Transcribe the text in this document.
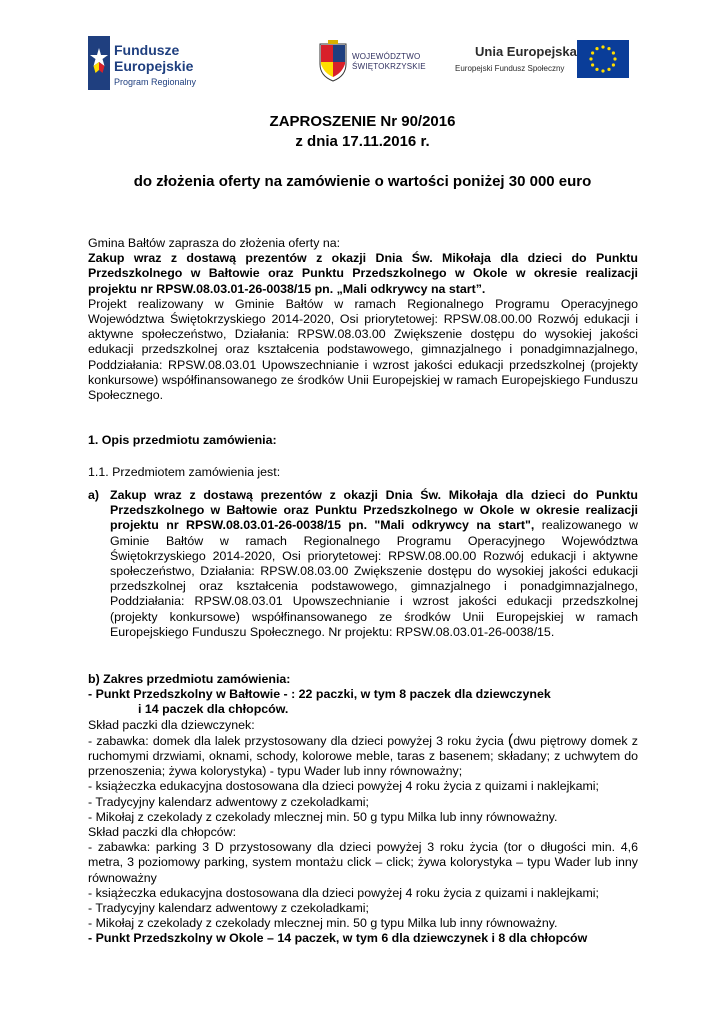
Fundusze
Europejskie
Program Regionalny
WOJEWÓDZTWO
ŚWIĘTOKRZYSKIE
Unia Europejska
Europejski Fundusz Społeczny
ZAPROSZENIE Nr 90/2016
z dnia 17.11.2016 r.
do złożenia oferty na zamówienie o wartości poniżej 30 000 euro

Gmina Bałtów zaprasza do złożenia oferty na:

Zakup wraz z dostawą prezentów z okazji Dnia Św. Mikołaja dla dzieci do Punktu Przedszkolnego w Bałtowie oraz Punktu Przedszkolnego w Okole w okresie realizacji projektu nr RPSW.08.03.01-26-0038/15 pn. „Mali odkrywcy na start”.

Projekt realizowany w Gminie Bałtów w ramach Regionalnego Programu Operacyjnego Województwa Świętokrzyskiego 2014-2020, Osi priorytetowej: RPSW.08.00.00 Rozwój edukacji i aktywne społeczeństwo, Działania: RPSW.08.03.00 Zwiększenie dostępu do wysokiej jakości edukacji przedszkolnej oraz kształcenia podstawowego, gimnazjalnego i ponadgimnazjalnego, Poddziałania: RPSW.08.03.01 Upowszechnianie i wzrost jakości edukacji przedszkolnej (projekty konkursowe) współfinansowanego ze środków Unii Europejskiej w ramach Europejskiego Funduszu Społecznego.

1. Opis przedmiotu zamówienia:
1.1. Przedmiotem zamówienia jest:
a) Zakup wraz z dostawą prezentów z okazji Dnia Św. Mikołaja dla dzieci do Punktu Przedszkolnego w Bałtowie oraz Punktu Przedszkolnego w Okole w okresie realizacji projektu nr RPSW.08.03.01-26-0038/15 pn. "Mali odkrywcy na start", realizowanego w Gminie Bałtów w ramach Regionalnego Programu Operacyjnego Województwa Świętokrzyskiego 2014-2020, Osi priorytetowej: RPSW.08.00.00 Rozwój edukacji i aktywne społeczeństwo, Działania: RPSW.08.03.00 Zwiększenie dostępu do wysokiej jakości edukacji przedszkolnej oraz kształcenia podstawowego, gimnazjalnego i ponadgimnazjalnego, Poddziałania: RPSW.08.03.01 Upowszechnianie i wzrost jakości edukacji przedszkolnej (projekty konkursowe) współfinansowanego ze środków Unii Europejskiej w ramach Europejskiego Funduszu Społecznego. Nr projektu: RPSW.08.03.01-26-0038/15.
b) Zakres przedmiotu zamówienia:
- Punkt Przedszkolny w Bałtowie - : 22 paczki, w tym 8 paczek dla dziewczynek
i 14 paczek dla chłopców.
Skład paczki dla dziewczynek:
- zabawka: domek dla lalek przystosowany dla dzieci powyżej 3 roku życia (dwu piętrowy domek z ruchomymi drzwiami, oknami, schody, kolorowe meble, taras z basenem; składany; z uchwytem do przenoszenia; żywa kolorystyka) - typu Wader lub inny równoważny;
- książeczka edukacyjna dostosowana dla dzieci powyżej 4 roku życia z quizami i naklejkami;
- Tradycyjny kalendarz adwentowy z czekoladkami;
- Mikołaj z czekolady z czekolady mlecznej min. 50 g typu Milka lub inny równoważny.
Skład paczki dla chłopców:
- zabawka: parking 3 D przystosowany dla dzieci powyżej 3 roku życia (tor o długości min. 4,6 metra, 3 poziomowy parking, system montażu click – click; żywa kolorystyka – typu Wader lub inny równoważny
- książeczka edukacyjna dostosowana dla dzieci powyżej 4 roku życia z quizami i naklejkami;
- Tradycyjny kalendarz adwentowy z czekoladkami;
- Mikołaj z czekolady z czekolady mlecznej min. 50 g typu Milka lub inny równoważny.
- Punkt Przedszkolny w Okole – 14 paczek, w tym 6 dla dziewczynek i 8 dla chłopców
